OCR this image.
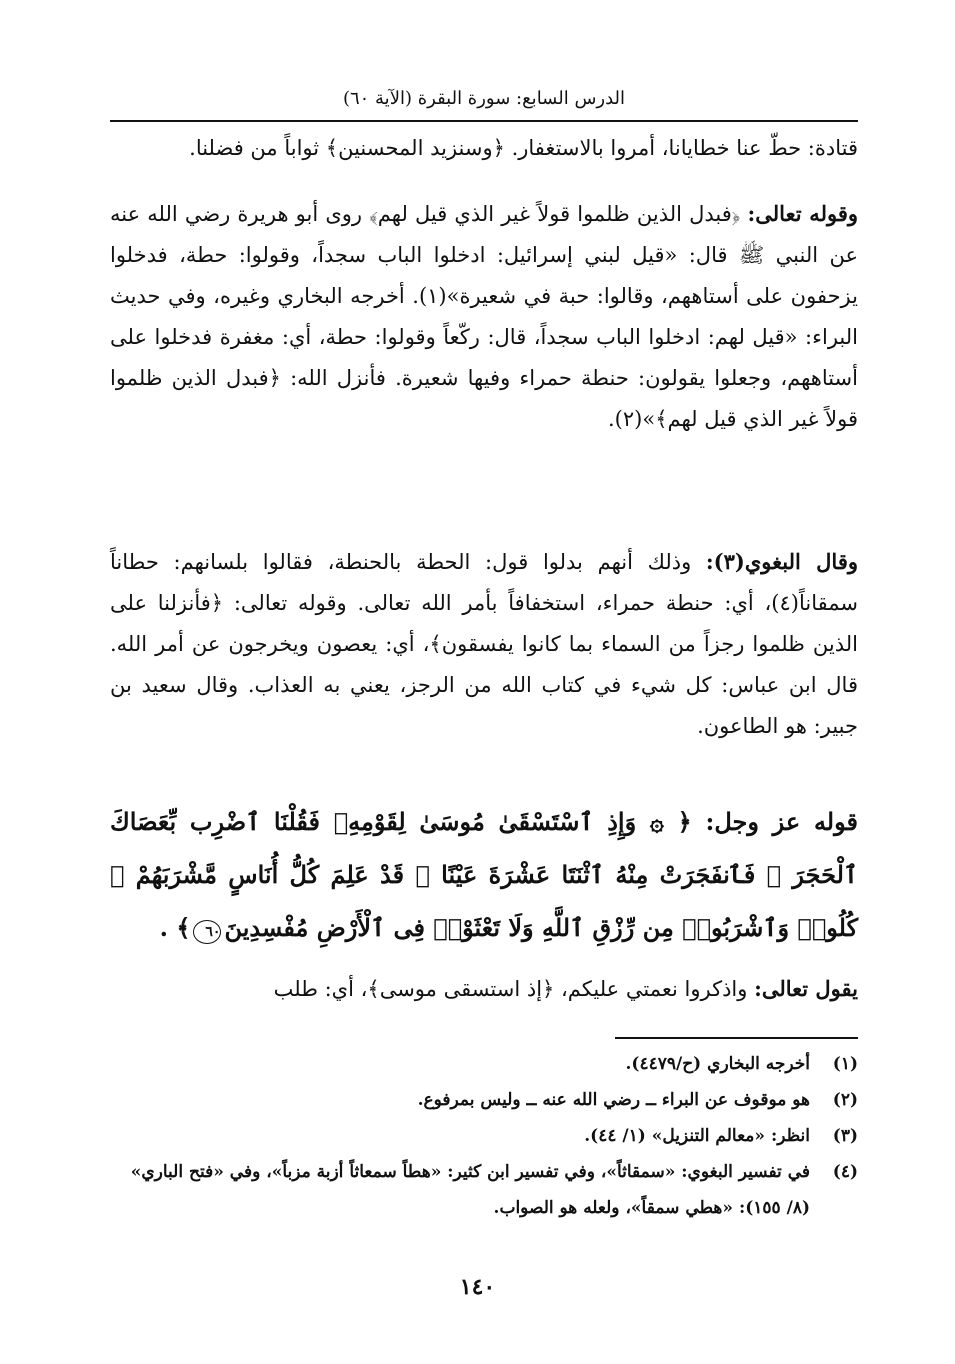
الدرس السابع: سورة البقرة (الآية ٦٠)
قتادة: حطّ عنا خطايانا، أمروا بالاستغفار. ﴿وسنزيد المحسنين﴾ ثواباً من فضلنا.
وقوله تعالى: ﴿فبدل الذين ظلموا قولاً غير الذي قيل لهم﴾ روى أبو هريرة رضي الله عنه عن النبي ﷺ قال: «قيل لبني إسرائيل: ادخلوا الباب سجداً، وقولوا: حطة، فدخلوا يزحفون على أستاههم، وقالوا: حبة في شعيرة»(١). أخرجه البخاري وغيره، وفي حديث البراء: «قيل لهم: ادخلوا الباب سجداً، قال: ركّعاً وقولوا: حطة، أي: مغفرة فدخلوا على أستاههم، وجعلوا يقولون: حنطة حمراء وفيها شعيرة. فأنزل الله: ﴿فبدل الذين ظلموا قولاً غير الذي قيل لهم﴾»(٢).
وقال البغوي(٣): وذلك أنهم بدلوا قول: الحطة بالحنطة، فقالوا بلسانهم: حطاناً سمقاناً(٤)، أي: حنطة حمراء، استخفافاً بأمر الله تعالى. وقوله تعالى: ﴿فأنزلنا على الذين ظلموا رجزاً من السماء بما كانوا يفسقون﴾، أي: يعصون ويخرجون عن أمر الله. قال ابن عباس: كل شيء في كتاب الله من الرجز، يعني به العذاب. وقال سعيد بن جبير: هو الطاعون.
قوله عز وجل: ﴿ ۞ وَإِذِ ٱسْتَسْقَىٰ مُوسَىٰ لِقَوْمِهِۦ فَقُلْنَا ٱضْرِب بِّعَصَاكَ ٱلْحَجَرَ ۖ فَٱنفَجَرَتْ مِنْهُ ٱثْنَتَا عَشْرَةَ عَيْنًا ۖ قَدْ عَلِمَ كُلُّ أُنَاسٍ مَّشْرَبَهُمْ ۖ كُلُوا۟ وَٱشْرَبُوا۟ مِن رِّزْقِ ٱللَّهِ وَلَا تَعْثَوْا۟ فِى ٱلْأَرْضِ مُفْسِدِينَ٦٠﴾ .
يقول تعالى: واذكروا نعمتي عليكم، ﴿إذ استسقى موسى﴾، أي: طلب
(١)
أخرجه البخاري (ح/٤٤٧٩).
(٢)
هو موقوف عن البراء ــ رضي الله عنه ــ وليس بمرفوع.
(٣)
انظر: «معالم التنزيل» (١/ ٤٤).
(٤)
في تفسير البغوي: «سمقاثاً»، وفي تفسير ابن كثير: «هطاً سمعاثاً أزبة مزباً»، وفي «فتح الباري» (٨/ ١٥٥): «هطي سمقاً»، ولعله هو الصواب.
١٤٠
